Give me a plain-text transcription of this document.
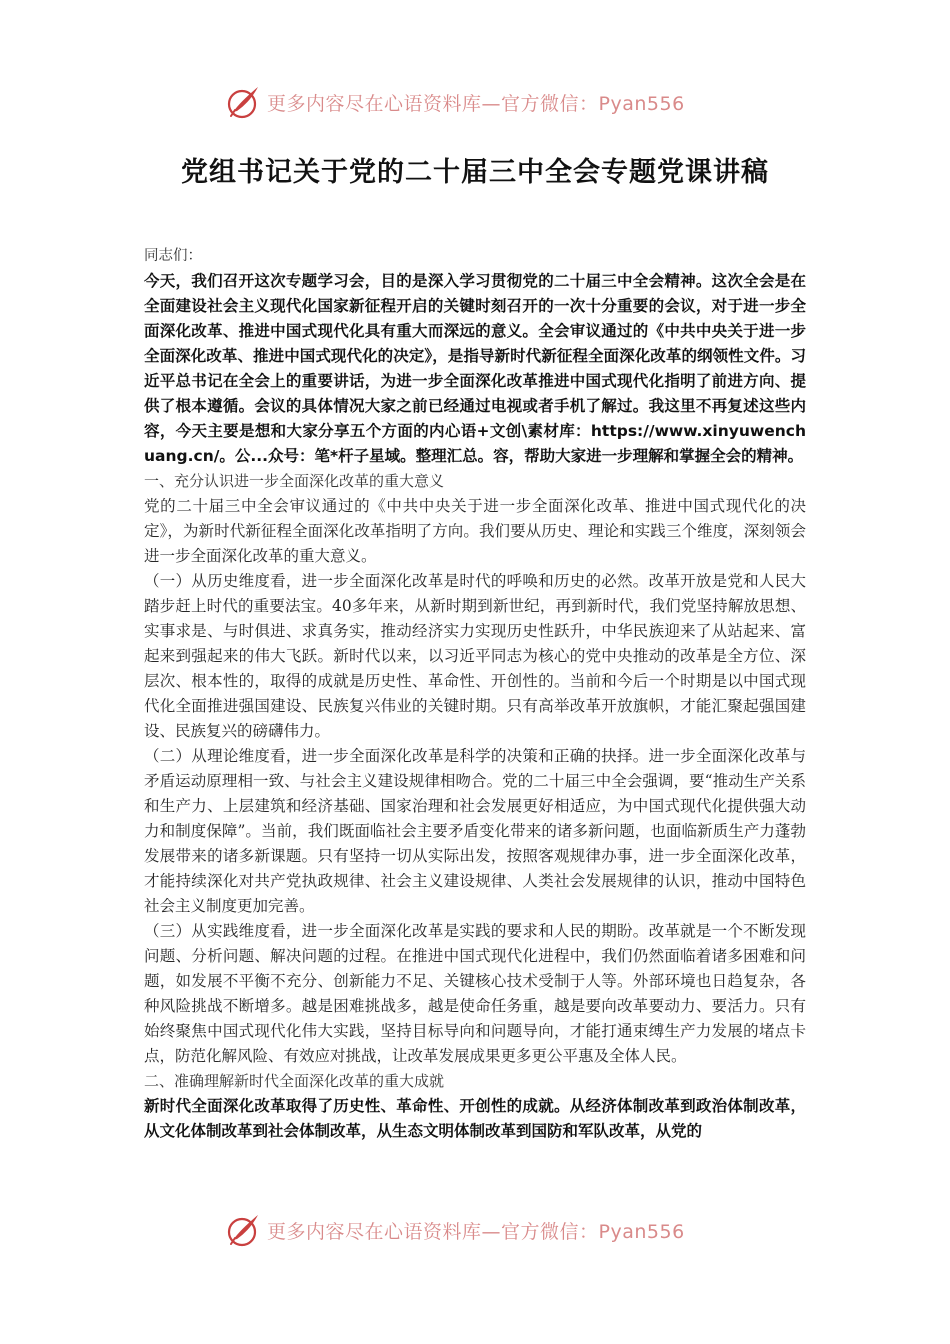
更多内容尽在心语资料库—官方微信：Pyan556
党组书记关于党的二十届三中全会专题党课讲稿

同志们：

今天，我们召开这次专题学习会，目的是深入学习贯彻党的二十届三中全会精神。这次全会是在全面建设社会主义现代化国家新征程开启的关键时刻召开的一次十分重要的会议，对于进一步全面深化改革、推进中国式现代化具有重大而深远的意义。全会审议通过的《中共中央关于进一步全面深化改革、推进中国式现代化的决定》，是指导新时代新征程全面深化改革的纲领性文件。习近平总书记在全会上的重要讲话，为进一步全面深化改革推进中国式现代化指明了前进方向、提供了根本遵循。会议的具体情况大家之前已经通过电视或者手机了解过。我这里不再复述这些内容，今天主要是想和大家分享五个方面的内心语+文创\素材库：https://www.xinyuwenchuang.cn/。公...众号：笔*杆子星域。整理汇总。容，帮助大家进一步理解和掌握全会的精神。

一、充分认识进一步全面深化改革的重大意义

党的二十届三中全会审议通过的《中共中央关于进一步全面深化改革、推进中国式现代化的决定》，为新时代新征程全面深化改革指明了方向。我们要从历史、理论和实践三个维度，深刻领会进一步全面深化改革的重大意义。

（一）从历史维度看，进一步全面深化改革是时代的呼唤和历史的必然。改革开放是党和人民大踏步赶上时代的重要法宝。40多年来，从新时期到新世纪，再到新时代，我们党坚持解放思想、实事求是、与时俱进、求真务实，推动经济实力实现历史性跃升，中华民族迎来了从站起来、富起来到强起来的伟大飞跃。新时代以来，以习近平同志为核心的党中央推动的改革是全方位、深层次、根本性的，取得的成就是历史性、革命性、开创性的。当前和今后一个时期是以中国式现代化全面推进强国建设、民族复兴伟业的关键时期。只有高举改革开放旗帜，才能汇聚起强国建设、民族复兴的磅礴伟力。

（二）从理论维度看，进一步全面深化改革是科学的决策和正确的抉择。进一步全面深化改革与矛盾运动原理相一致、与社会主义建设规律相吻合。党的二十届三中全会强调，要“推动生产关系和生产力、上层建筑和经济基础、国家治理和社会发展更好相适应，为中国式现代化提供强大动力和制度保障”。当前，我们既面临社会主要矛盾变化带来的诸多新问题，也面临新质生产力蓬勃发展带来的诸多新课题。只有坚持一切从实际出发，按照客观规律办事，进一步全面深化改革，才能持续深化对共产党执政规律、社会主义建设规律、人类社会发展规律的认识，推动中国特色社会主义制度更加完善。

（三）从实践维度看，进一步全面深化改革是实践的要求和人民的期盼。改革就是一个不断发现问题、分析问题、解决问题的过程。在推进中国式现代化进程中，我们仍然面临着诸多困难和问题，如发展不平衡不充分、创新能力不足、关键核心技术受制于人等。外部环境也日趋复杂，各种风险挑战不断增多。越是困难挑战多，越是使命任务重，越是要向改革要动力、要活力。只有始终聚焦中国式现代化伟大实践，坚持目标导向和问题导向，才能打通束缚生产力发展的堵点卡点，防范化解风险、有效应对挑战，让改革发展成果更多更公平惠及全体人民。

二、准确理解新时代全面深化改革的重大成就

新时代全面深化改革取得了历史性、革命性、开创性的成就。从经济体制改革到政治体制改革，从文化体制改革到社会体制改革，从生态文明体制改革到国防和军队改革，从党的

更多内容尽在心语资料库—官方微信：Pyan556
